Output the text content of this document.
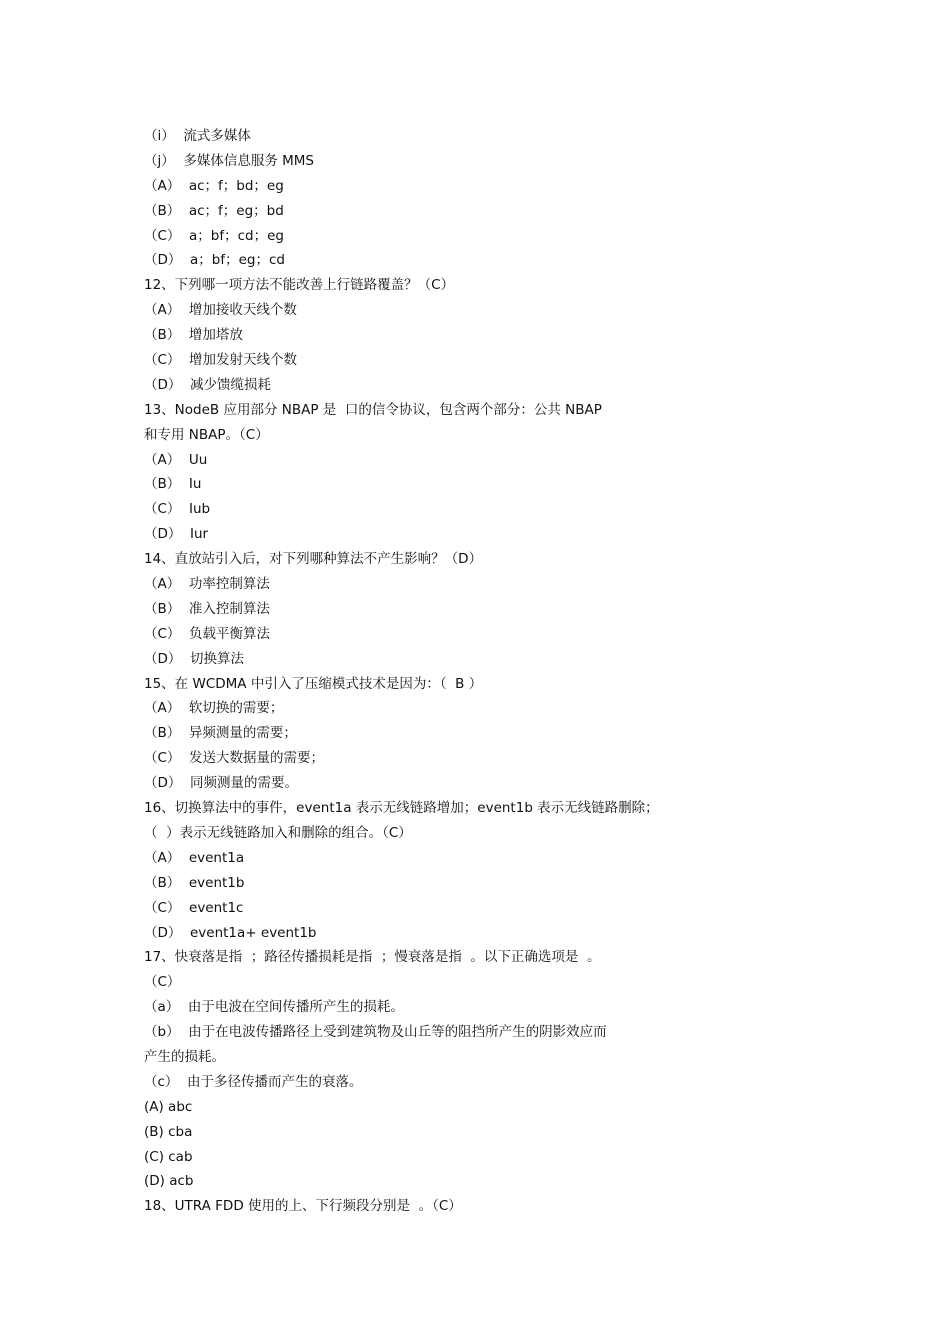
（i）  流式多媒体
（j）  多媒体信息服务 MMS
（A）  ac；f；bd；eg
（B）  ac；f；eg；bd
（C）  a；bf；cd；eg
（D）  a；bf；eg；cd
12、下列哪一项方法不能改善上行链路覆盖？（C）
（A）  增加接收天线个数
（B）  增加塔放
（C）  增加发射天线个数
（D）  减少馈缆损耗
13、NodeB 应用部分 NBAP 是  口的信令协议，包含两个部分：公共 NBAP
和专用 NBAP。（C）
（A）  Uu
（B）  Iu
（C）  Iub
（D）  Iur
14、直放站引入后，对下列哪种算法不产生影响？（D）
（A）  功率控制算法
（B）  准入控制算法
（C）  负载平衡算法
（D）  切换算法
15、在 WCDMA 中引入了压缩模式技术是因为：（  B ）
（A）  软切换的需要；
（B）  异频测量的需要；
（C）  发送大数据量的需要；
（D）  同频测量的需要。
16、切换算法中的事件，event1a 表示无线链路增加；event1b 表示无线链路删除；
（  ）表示无线链路加入和删除的组合。（C）
（A）  event1a
（B）  event1b
（C）  event1c
（D）  event1a+ event1b
17、快衰落是指  ；路径传播损耗是指  ；慢衰落是指  。以下正确选项是  。
（C）
（a）  由于电波在空间传播所产生的损耗。
（b）  由于在电波传播路径上受到建筑物及山丘等的阻挡所产生的阴影效应而
产生的损耗。
（c）  由于多径传播而产生的衰落。
(A) abc
(B) cba
(C) cab
(D) acb
18、UTRA FDD 使用的上、下行频段分别是  。（C）
